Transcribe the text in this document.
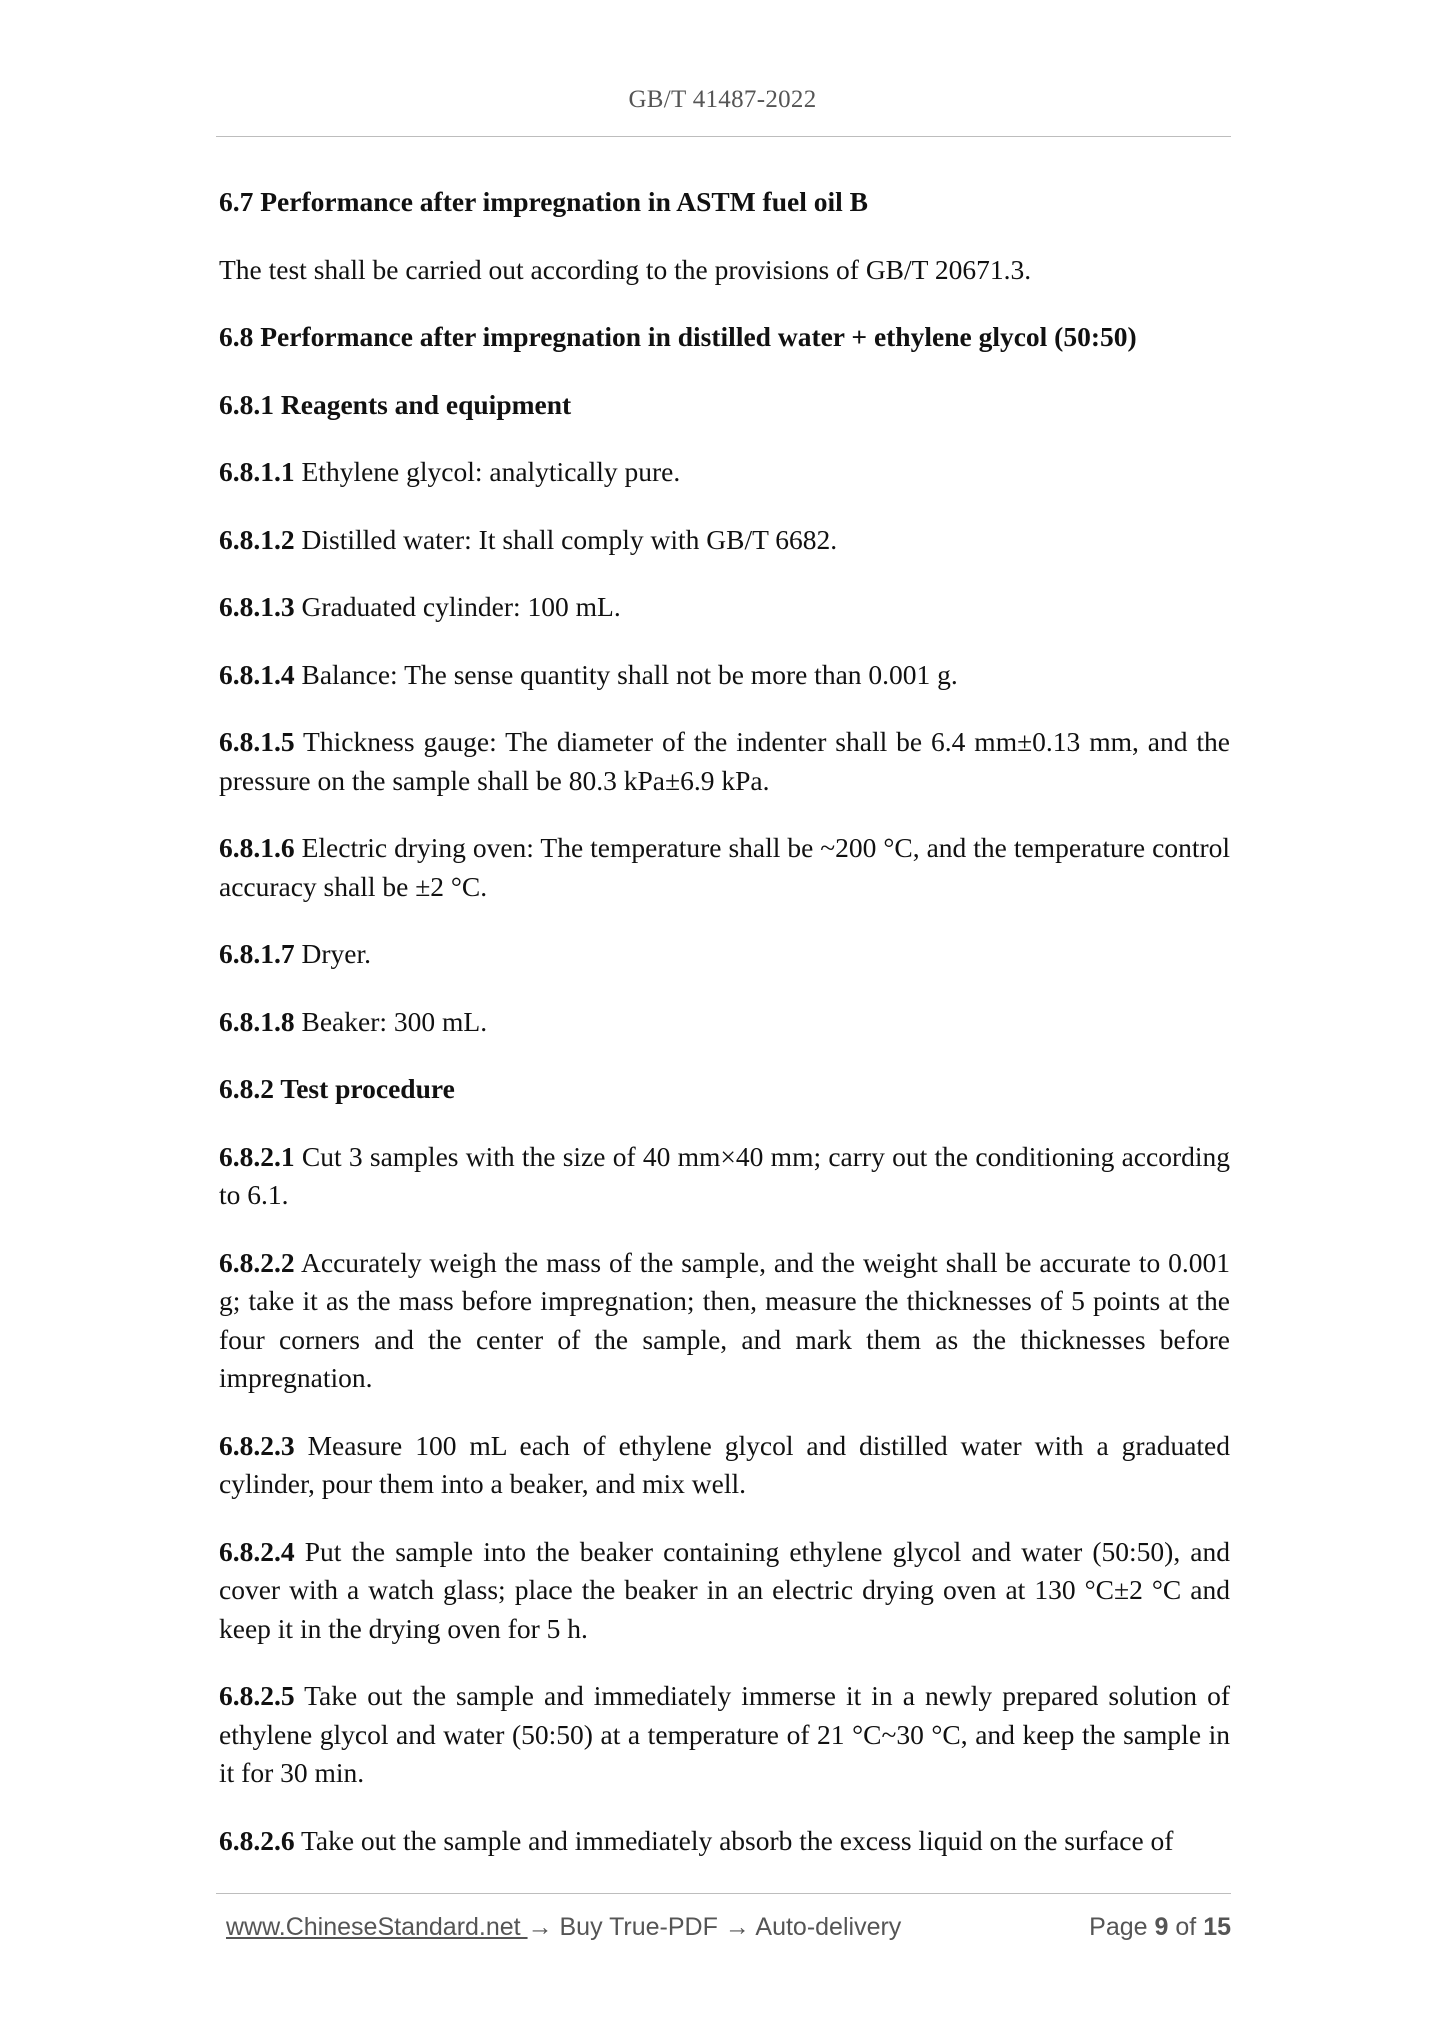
GB/T 41487-2022

6.7 Performance after impregnation in ASTM fuel oil B

The test shall be carried out according to the provisions of GB/T 20671.3.

6.8 Performance after impregnation in distilled water + ethylene glycol (50:50)

6.8.1 Reagents and equipment

6.8.1.1 Ethylene glycol: analytically pure.

6.8.1.2 Distilled water: It shall comply with GB/T 6682.

6.8.1.3 Graduated cylinder: 100 mL.

6.8.1.4 Balance: The sense quantity shall not be more than 0.001 g.

6.8.1.5 Thickness gauge: The diameter of the indenter shall be 6.4 mm±0.13 mm, and the pressure on the sample shall be 80.3 kPa±6.9 kPa.

6.8.1.6 Electric drying oven: The temperature shall be ~200 °C, and the temperature control accuracy shall be ±2 °C.

6.8.1.7 Dryer.

6.8.1.8 Beaker: 300 mL.

6.8.2 Test procedure

6.8.2.1 Cut 3 samples with the size of 40 mm×40 mm; carry out the conditioning according to 6.1.

6.8.2.2 Accurately weigh the mass of the sample, and the weight shall be accurate to 0.001 g; take it as the mass before impregnation; then, measure the thicknesses of 5 points at the four corners and the center of the sample, and mark them as the thicknesses before impregnation.

6.8.2.3 Measure 100 mL each of ethylene glycol and distilled water with a graduated cylinder, pour them into a beaker, and mix well.

6.8.2.4 Put the sample into the beaker containing ethylene glycol and water (50:50), and cover with a watch glass; place the beaker in an electric drying oven at 130 °C±2 °C and keep it in the drying oven for 5 h.

6.8.2.5 Take out the sample and immediately immerse it in a newly prepared solution of ethylene glycol and water (50:50) at a temperature of 21 °C~30 °C, and keep the sample in it for 30 min.

6.8.2.6 Take out the sample and immediately absorb the excess liquid on the surface of

www.ChineseStandard.net → Buy True-PDF → Auto-delivery	Page 9 of 15
